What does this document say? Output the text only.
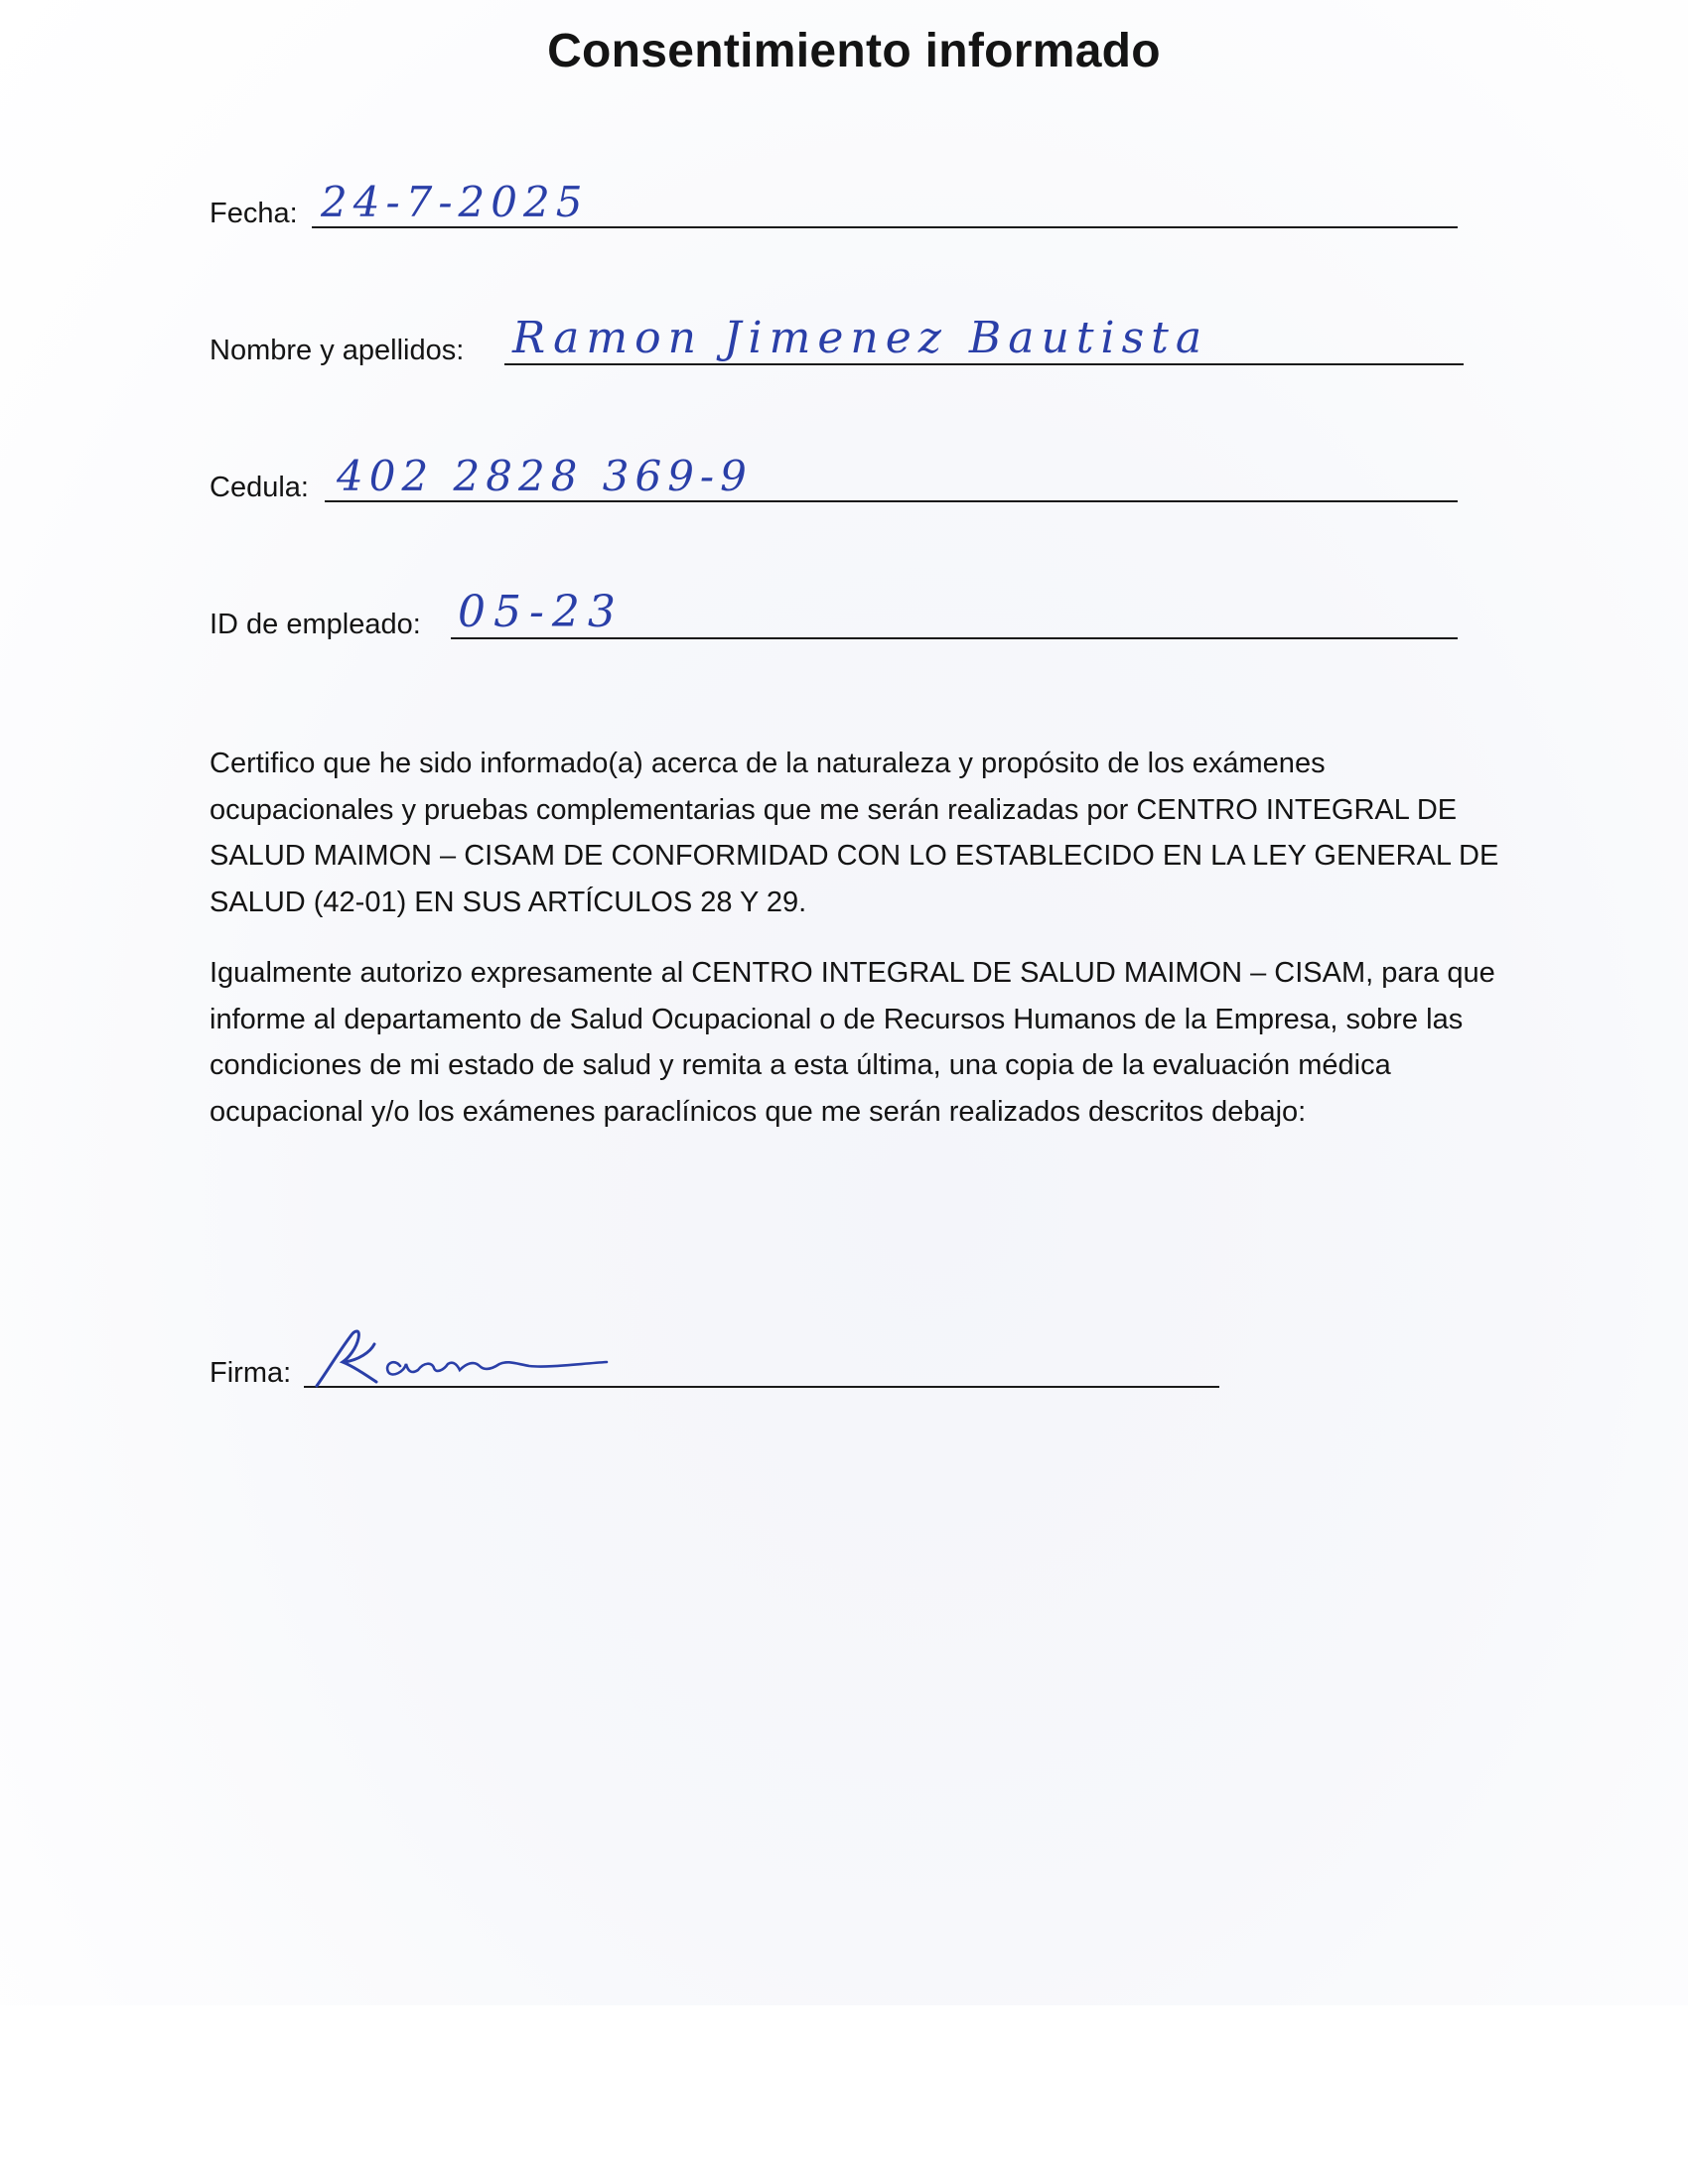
Consentimiento informado
Fecha: 24-7-2025
Nombre y apellidos: Ramon Jimenez Bautista
Cedula: 402 2828 369-9
ID de empleado: 05-23

Certifico que he sido informado(a) acerca de la naturaleza y propósito de los exámenes ocupacionales y pruebas complementarias que me serán realizadas por CENTRO INTEGRAL DE SALUD MAIMON – CISAM DE CONFORMIDAD CON LO ESTABLECIDO EN LA LEY GENERAL DE SALUD (42-01) EN SUS ARTÍCULOS 28 Y 29.

Igualmente autorizo expresamente al CENTRO INTEGRAL DE SALUD MAIMON – CISAM, para que informe al departamento de Salud Ocupacional o de Recursos Humanos de la Empresa, sobre las condiciones de mi estado de salud y remita a esta última, una copia de la evaluación médica ocupacional y/o los exámenes paraclínicos que me serán realizados descritos debajo:

Firma:
